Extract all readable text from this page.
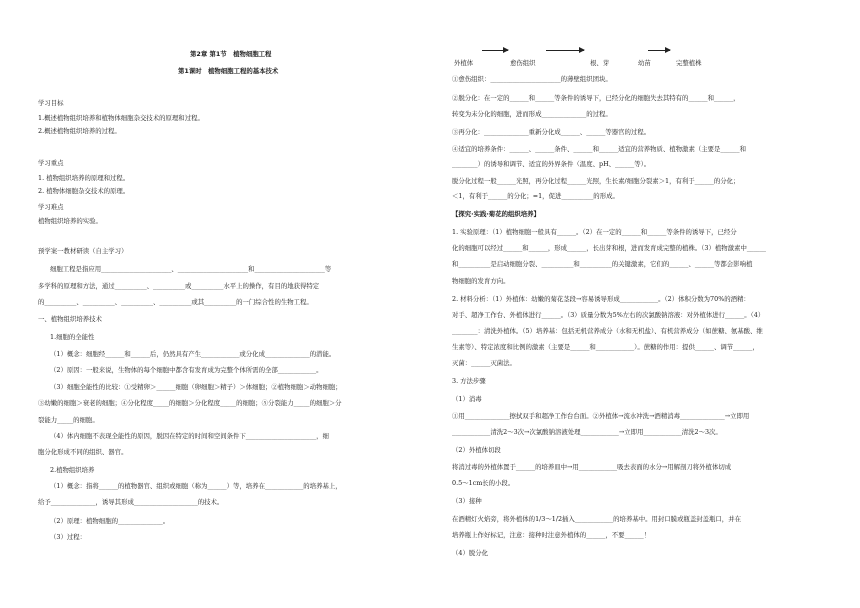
第2章 第1节　植物细胞工程
第1课时　植物细胞工程的基本技术
学习目标
1.概述植物组织培养和植物体细胞杂交技术的原理和过程。
2.概述植物组织培养的过程。
学习重点
1. 植物组织培养的原理和过程。
2. 植物体细胞杂交技术的原理。
学习难点
植物组织培养的实验。
预学案一教材研读（自主学习）
细胞工程是指应用______________________、______________________和______________________等
多学科的原理和方法，通过__________、__________或__________水平上的操作，有目的地获得特定
的__________、__________、__________、__________或其__________的一门综合性的生物工程。
一、植物组织培养技术
1.细胞的全能性
（1）概念：细胞经______和______后，仍然具有产生____________或分化成______________的潜能。
（2）原因：一般来说，生物体的每个细胞中都含有发育成为完整个体所需的全部____________。
（3）细胞全能性的比较：①受精卵＞______细胞（卵细胞＞精子）＞体细胞；②植物细胞＞动物细胞；
③幼嫩的细胞＞衰老的细胞；④分化程度_____的细胞＞分化程度_____的细胞；⑤分裂能力_____的细胞＞分
裂能力_____的细胞。
（4）体内细胞不表现全能性的原因，脱因在特定的时间和空间条件下______________________，细
胞分化形成不同的组织、器官。
2.植物组织培养
（1）概念：指将______的植物器官、组织或细胞（称为______）等，培养在____________的培养基上，
给予______________，诱导其形成____________________的技术。
（2）原理：植物细胞的______________。
（3）过程：
外植体	愈伤组织	根、芽	幼苗	完整植株
①愈伤组织：______________________的薄壁组织团块。
②脱分化：在一定的______和______等条件的诱导下，已经分化的细胞失去其特有的______和______，
转变为未分化的细胞，进而形成______________的过程。
③再分化：______________重新分化成______、______等器官的过程。
④适宜的培养条件：______、______条件、______和______适宜的营养物质、植物激素（主要是______和
________）的诱导和调节、适宜的外界条件（温度、pH、______等）。
脱分化过程一般______光照，再分化过程______光照，生长素/细胞分裂素＞1，有利于______的分化；
＜1，有利于______的分化；=1，促进__________的形成。
【探究·实践·菊花的组织培养】
1. 实验原理：（1）植物细胞一般具有______。（2）在一定的______和______等条件的诱导下，已经分
化的细胞可以经过______和______，形成______，长出芽和根，进而发育成完整的植株。（3）植物激素中______
和__________是启动细胞分裂、__________和__________的关键激素，它们的______、______等都会影响植
物细胞的发育方向。
2. 材料分析：（1）外植体：幼嫩的菊花茎段→容易诱导形成____________。（2）体积分数为70%的酒精：
对手、超净工作台、外植体进行______。（3）质量分数为5%左右的次氯酸钠溶液：对外植体进行______。（4）
________：清洗外植体。（5）培养基：包括无机营养成分（水和无机盐）、有机营养成分（如蔗糖、氨基酸、维
生素等）、特定浓度和比例的激素（主要是______和____________）。蔗糖的作用：提供______、调节______，
灭菌：______灭菌法。
3. 方法步骤
（1）消毒
①用______________擦拭双手和超净工作台台面。②外植体→流水冲洗→酒精消毒______________→立即用
____________清洗2～3次→次氯酸钠溶液处理____________→立即用____________清洗2～3次。
（2）外植体切段
将消过毒的外植体置于______的培养皿中→用____________吸去表面的水分→用解剖刀将外植体切成
0.5～1cm长的小段。
（3）接种
在酒精灯火焰旁，将外植体的1/3～1/2插入____________的培养基中。用封口膜或瓶盖封盖瓶口，并在
培养瓶上作好标记，注意：接种时注意外植体的______，不要______！
（4）脱分化
